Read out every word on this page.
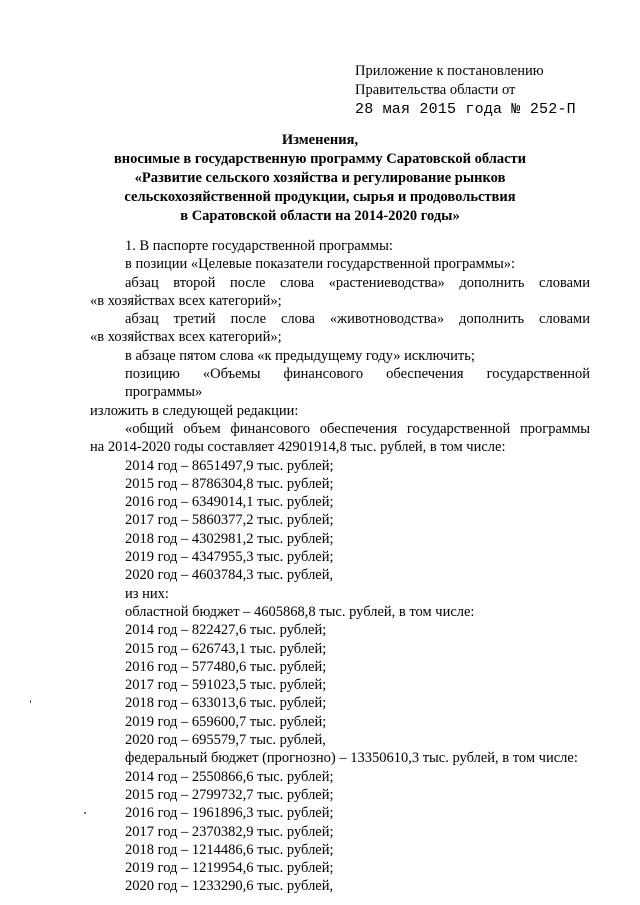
Приложение к постановлению
Правительства области от
28 мая 2015 года № 252-П
Изменения,
вносимые в государственную программу Саратовской области
«Развитие сельского хозяйства и регулирование рынков
сельскохозяйственной продукции, сырья и продовольствия
в Саратовской области на 2014-2020 годы»
1. В паспорте государственной программы:
в позиции «Целевые показатели государственной программы»:
абзац второй после слова «растениеводства» дополнить словами
«в хозяйствах всех категорий»;
абзац третий после слова «животноводства» дополнить словами
«в хозяйствах всех категорий»;
в абзаце пятом слова «к предыдущему году» исключить;
позицию «Объемы финансового обеспечения государственной программы»
изложить в следующей редакции:
«общий объем финансового обеспечения государственной программы
на 2014-2020 годы составляет 42901914,8 тыс. рублей, в том числе:
2014 год – 8651497,9 тыс. рублей;
2015 год – 8786304,8 тыс. рублей;
2016 год – 6349014,1 тыс. рублей;
2017 год – 5860377,2 тыс. рублей;
2018 год – 4302981,2 тыс. рублей;
2019 год – 4347955,3 тыс. рублей;
2020 год – 4603784,3 тыс. рублей,
из них:
областной бюджет – 4605868,8 тыс. рублей, в том числе:
2014 год – 822427,6 тыс. рублей;
2015 год – 626743,1 тыс. рублей;
2016 год – 577480,6 тыс. рублей;
2017 год – 591023,5 тыс. рублей;
2018 год – 633013,6 тыс. рублей;
2019 год – 659600,7 тыс. рублей;
2020 год – 695579,7 тыс. рублей,
федеральный бюджет (прогнозно) – 13350610,3 тыс. рублей, в том числе:
2014 год – 2550866,6 тыс. рублей;
2015 год – 2799732,7 тыс. рублей;
2016 год – 1961896,3 тыс. рублей;
2017 год – 2370382,9 тыс. рублей;
2018 год – 1214486,6 тыс. рублей;
2019 год – 1219954,6 тыс. рублей;
2020 год – 1233290,6 тыс. рублей,
